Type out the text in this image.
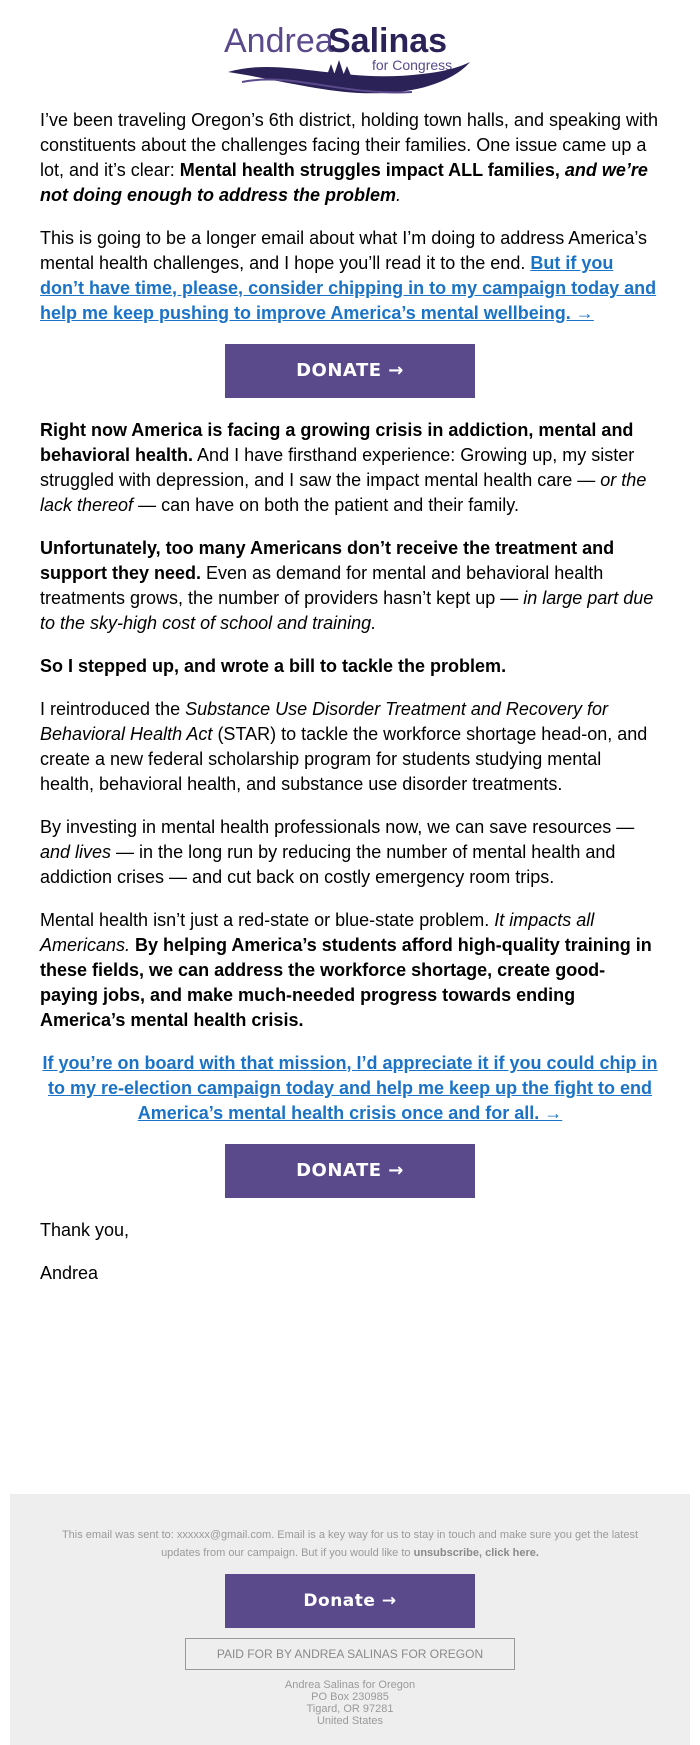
Andrea
Salinas
for Congress

I’ve been traveling Oregon’s 6th district, holding town halls, and speaking with constituents about the challenges facing their families. One issue came up a lot, and it’s clear: Mental health struggles impact ALL families, and we’re not doing enough to address the problem.

This is going to be a longer email about what I’m doing to address America’s mental health challenges, and I hope you’ll read it to the end. But if you don’t have time, please, consider chipping in to my campaign today and help me keep pushing to improve America’s mental wellbeing. →

DONATE →

Right now America is facing a growing crisis in addiction, mental and behavioral health. And I have firsthand experience: Growing up, my sister struggled with depression, and I saw the impact mental health care — or the lack thereof — can have on both the patient and their family.

Unfortunately, too many Americans don’t receive the treatment and support they need. Even as demand for mental and behavioral health treatments grows, the number of providers hasn’t kept up — in large part due to the sky-high cost of school and training.

So I stepped up, and wrote a bill to tackle the problem.

I reintroduced the Substance Use Disorder Treatment and Recovery for Behavioral Health Act (STAR) to tackle the workforce shortage head-on, and create a new federal scholarship program for students studying mental health, behavioral health, and substance use disorder treatments.

By investing in mental health professionals now, we can save resources — and lives — in the long run by reducing the number of mental health and addiction crises — and cut back on costly emergency room trips.

Mental health isn’t just a red-state or blue-state problem. It impacts all Americans. By helping America’s students afford high-quality training in these fields, we can address the workforce shortage, create good-paying jobs, and make much-needed progress towards ending America’s mental health crisis.

If you’re on board with that mission, I’d appreciate it if you could chip in to my re-election campaign today and help me keep up the fight to end America’s mental health crisis once and for all. →

DONATE →

Thank you,

Andrea

This email was sent to: xxxxxx@gmail.com. Email is a key way for us to stay in touch and make sure you get the latest updates from our campaign. But if you would like to unsubscribe, click here.
Donate →
PAID FOR BY ANDREA SALINAS FOR OREGON
Andrea Salinas for Oregon
PO Box 230985
Tigard, OR 97281
United States
